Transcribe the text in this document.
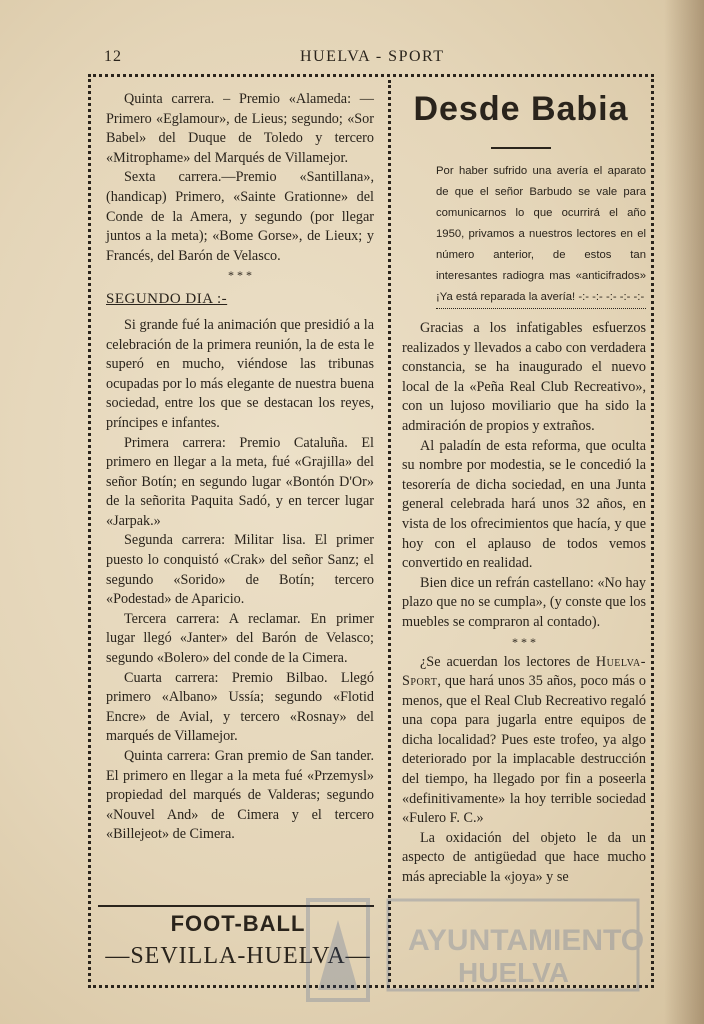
12	HUELVA - SPORT

Quinta carrera. – Premio «Alameda: —Primero «Eglamour», de Lieus; segundo; «Sor Babel» del Duque de Toledo y tercero «Mitrophame» del Marqués de Villamejor.

Sexta carrera.—Premio «Santillana», (handicap) Primero, «Sainte Grationne» del Conde de la Amera, y segundo (por llegar juntos a la meta); «Bome Gorse», de Lieux; y Francés, del Barón de Velasco.

* * *
SEGUNDO DIA :-

Si grande fué la animación que presidió a la celebración de la primera reunión, la de esta le superó en mucho, viéndose las tribunas ocupadas por lo más elegante de nuestra buena sociedad, entre los que se destacan los reyes, príncipes e infantes.

Primera carrera: Premio Cataluña. El primero en llegar a la meta, fué «Grajilla» del señor Botín; en segundo lugar «Bontón D'Or» de la señorita Paquita Sadó, y en tercer lugar «Jarpak.»

Segunda carrera: Militar lisa. El primer puesto lo conquistó «Crak» del señor Sanz; el segundo «Sorido» de Botín; tercero «Podestad» de Aparicio.

Tercera carrera: A reclamar. En primer lugar llegó «Janter» del Barón de Velasco; segundo «Bolero» del conde de la Cimera.

Cuarta carrera: Premio Bilbao. Llegó primero «Albano» Ussía; segundo «Flotid Encre» de Avial, y tercero «Rosnay» del marqués de Villamejor.

Quinta carrera: Gran premio de San tander. El primero en llegar a la meta fué «Przemysl» propiedad del marqués de Valderas; segundo «Nouvel And» de Cimera y el tercero «Billejeot» de Cimera.

FOOT-BALL
—SEVILLA-HUELVA—
Desde Babia

Por haber sufrido una avería el aparato de que el señor Barbudo se vale para comunicarnos lo que ocurrirá el año 1950, privamos a nuestros lectores en el número anterior, de estos tan interesantes radiogra mas «anticifrados» ¡Ya está reparada la avería! -:- -:- -:- -:- -:-

Gracias a los infatigables esfuerzos realizados y llevados a cabo con verdadera constancia, se ha inaugurado el nuevo local de la «Peña Real Club Recreativo», con un lujoso moviliario que ha sido la admiración de propios y extraños.

Al paladín de esta reforma, que oculta su nombre por modestia, se le concedió la tesorería de dicha sociedad, en una Junta general celebrada hará unos 32 años, en vista de los ofrecimientos que hacía, y que hoy con el aplauso de todos vemos convertido en realidad.

Bien dice un refrán castellano: «No hay plazo que no se cumpla», (y conste que los muebles se compraron al contado).

* * *

¿Se acuerdan los lectores de Huelva-Sport, que hará unos 35 años, poco más o menos, que el Real Club Recreativo regaló una copa para jugarla entre equipos de dicha localidad? Pues este trofeo, ya algo deteriorado por la implacable destrucción del tiempo, ha llegado por fin a poseerla «definitivamente» la hoy terrible sociedad «Fulero F. C.»

La oxidación del objeto le da un aspecto de antigüedad que hace mucho más apreciable la «joya» y se

AYUNTAMIENTO
HUELVA
